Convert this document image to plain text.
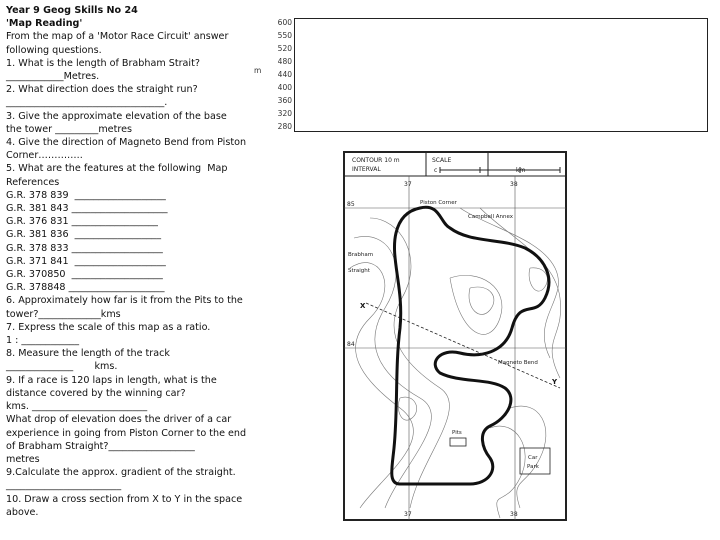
Year 9 Geog Skills No 24
'Map Reading'
From the map of a 'Motor Race Circuit' answer
following questions.
1. What is the length of Brabham Strait?
____________Metres.
2. What direction does the straight run?
_________________________________.
3. Give the approximate elevation of the base
the tower _________metres
4. Give the direction of Magneto Bend from Piston
Corner…………..
5. What are the features at the following  Map
References
G.R. 378 839  ___________________
G.R. 381 843 ____________________
G.R. 376 831 __________________
G.R. 381 836  __________________
G.R. 378 833 ___________________
G.R. 371 841  ___________________
G.R. 370850  ___________________
G.R. 378848 ____________________
6. Approximately how far is it from the Pits to the
tower?_____________kms
7. Express the scale of this map as a ratio.
1 : ____________
8. Measure the length of the track
______________       kms.
9. If a race is 120 laps in length, what is the
distance covered by the winning car?
kms. ________________________
What drop of elevation does the driver of a car
experience in going from Piston Corner to the end
of Brabham Straight?__________________
metres
9.Calculate the approx. gradient of the straight.
________________________
10. Draw a cross section from X to Y in the space
above.
m
600
550
520
480
440
400
360
320
280
CONTOUR 10 m
INTERVAL
SCALE
c	km
37	38
37	38
85
84
Piston Corner
Campbell Annex
Brabham
Straight
Magneto Bend
Pits
Car
Park
X
Y
